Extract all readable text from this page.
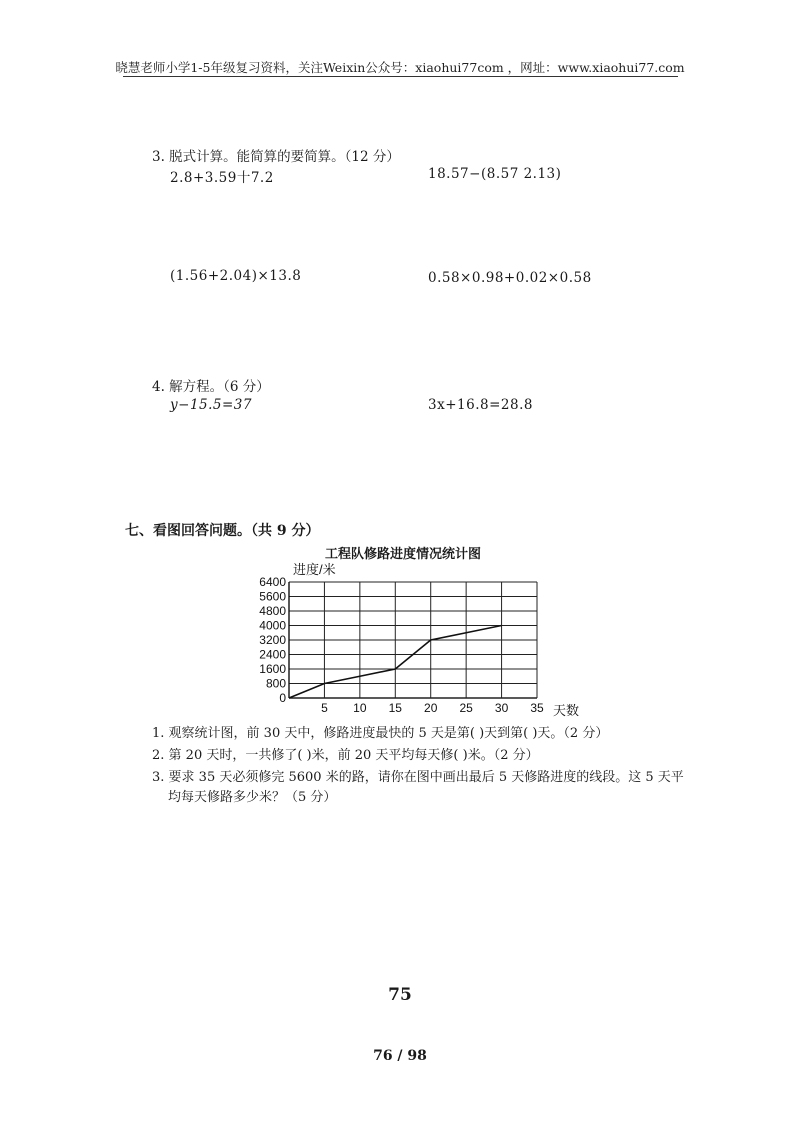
晓慧老师小学1-5年级复习资料，关注Weixin公众号：xiaohui77com ，网址：www.xiaohui77.com
3. 脱式计算。能简算的要简算。（12 分）
2.8+3.59十7.2	18.57−(8.57 2.13)
(1.56+2.04)×13.8	0.58×0.98+0.02×0.58
4. 解方程。（6 分）
y−15.5=37	3x+16.8=28.8
七、看图回答问题。（共 9 分）
工程队修路进度情况统计图
0
800
1600
2400
3200
4000
4800
5600
6400
5 10 15 20 25 30 35
进度/米
天数
1. 观察统计图，前 30 天中，修路进度最快的 5 天是第( )天到第( )天。（2 分）
2. 第 20 天时，一共修了( )米，前 20 天平均每天修( )米。（2 分）
3. 要求 35 天必须修完 5600 米的路，请你在图中画出最后 5 天修路进度的线段。这 5 天平
均每天修路多少米？（5 分）
75
76 / 98
